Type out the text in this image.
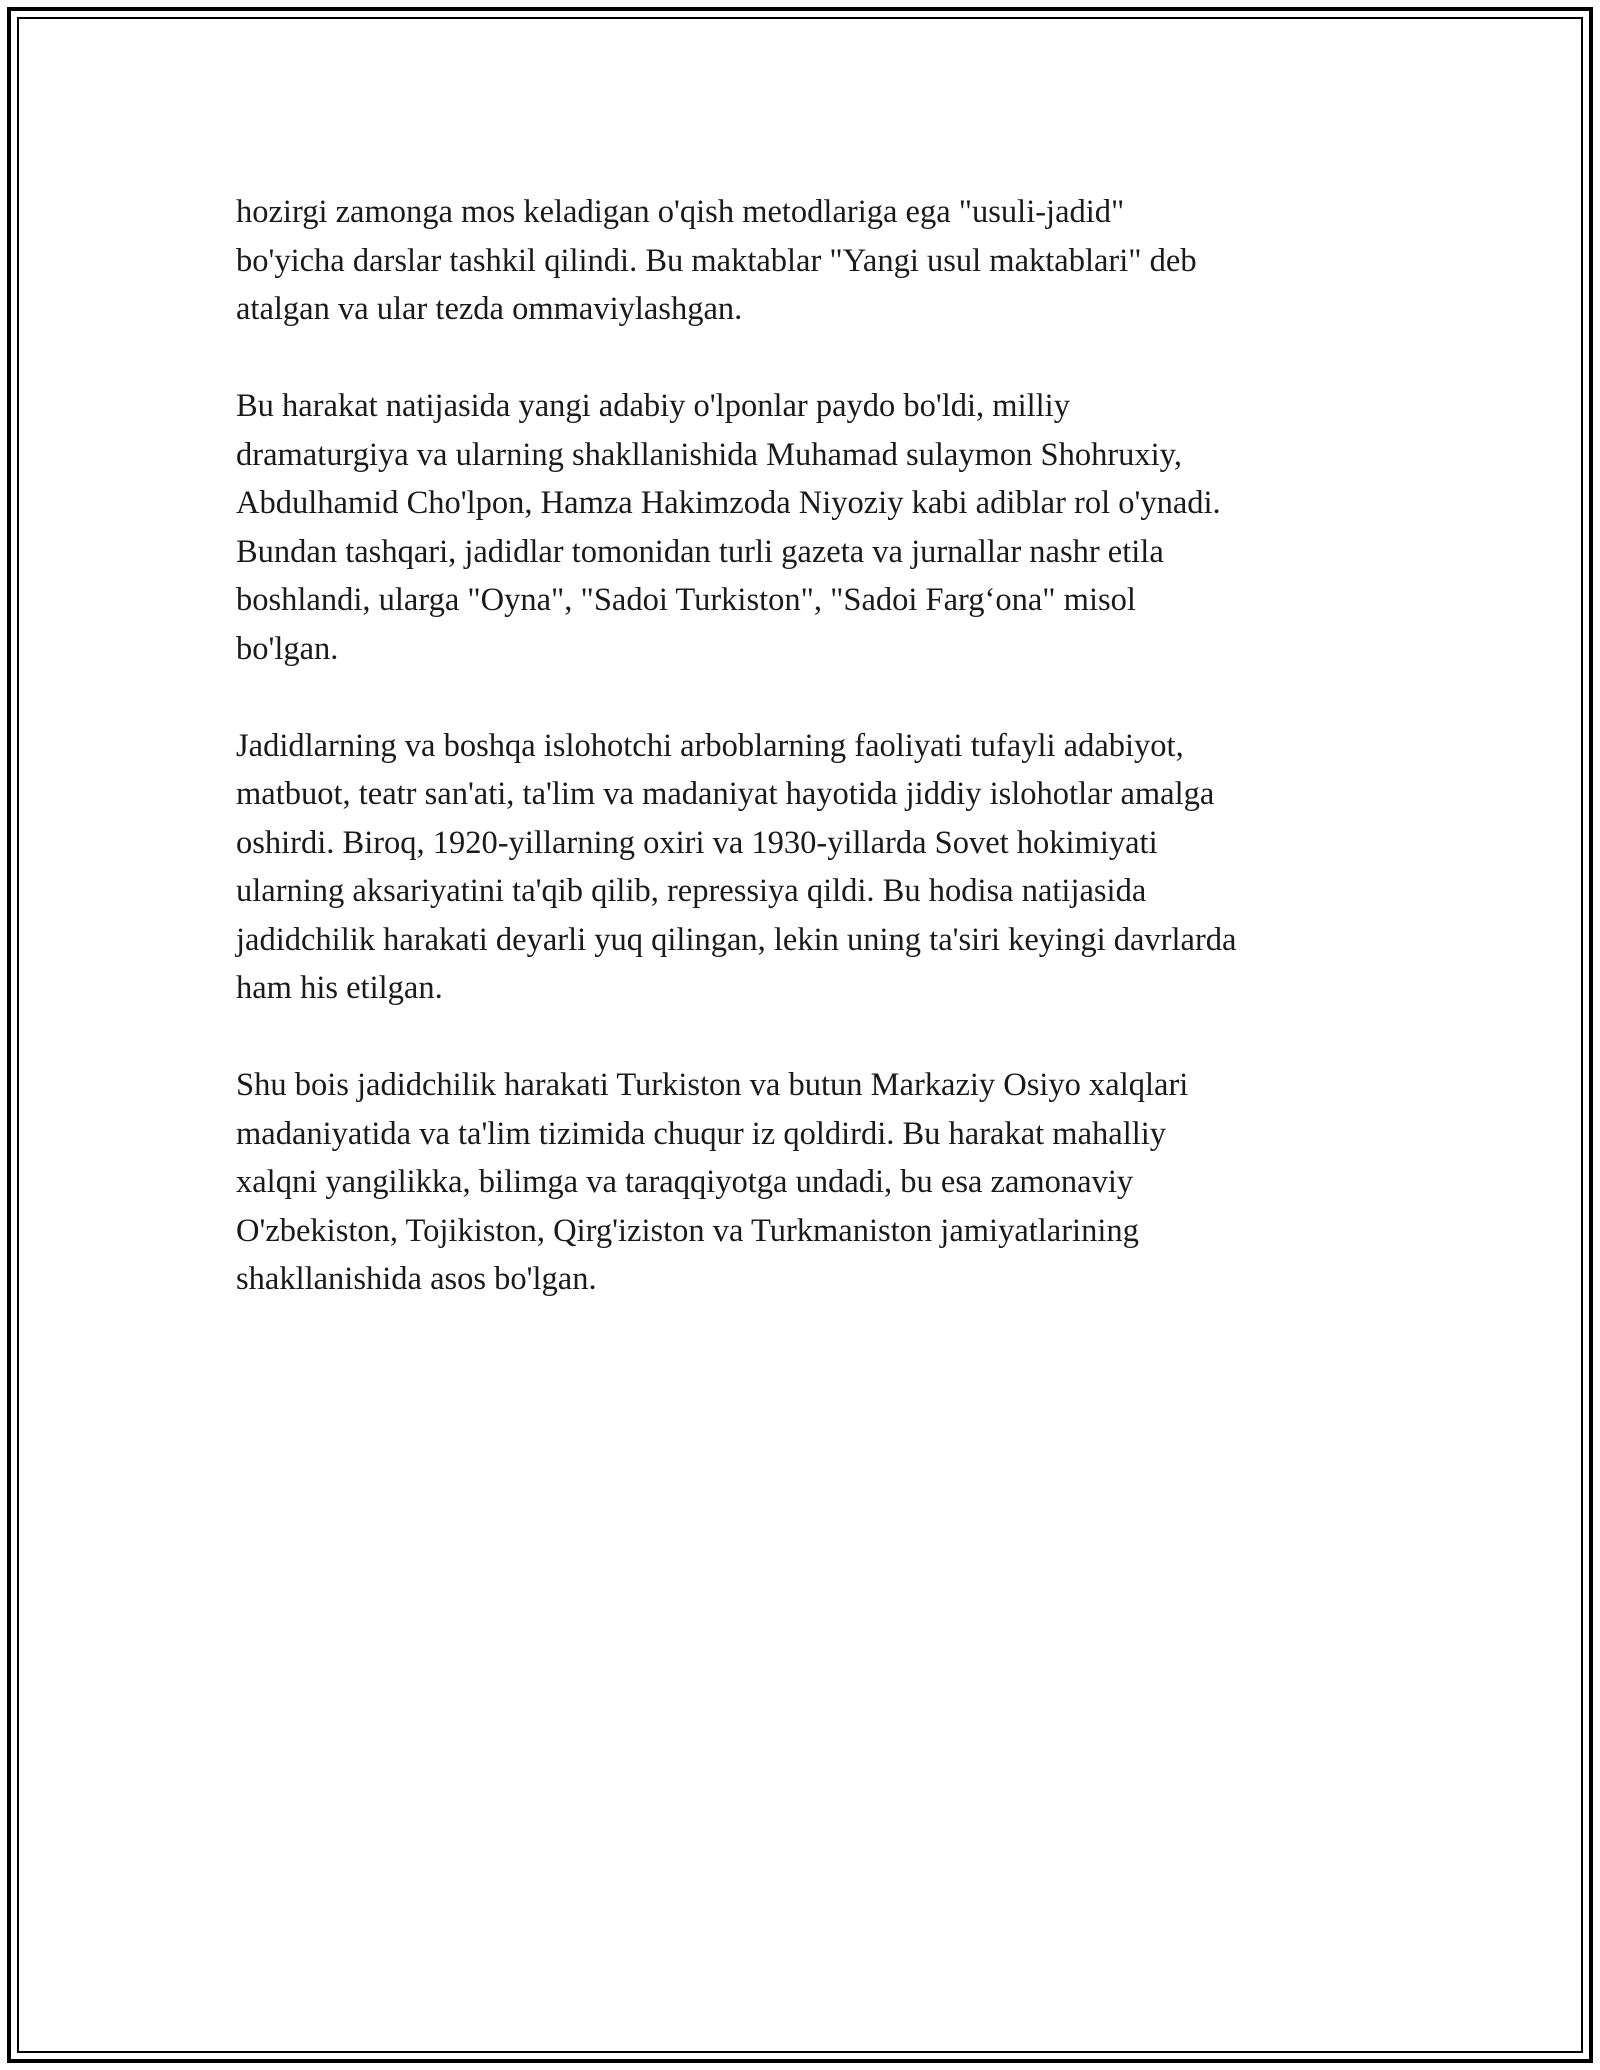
hozirgi zamonga mos keladigan o'qish metodlariga ega "usuli-jadid"
bo'yicha darslar tashkil qilindi. Bu maktablar "Yangi usul maktablari" deb
atalgan va ular tezda ommaviylashgan.

Bu harakat natijasida yangi adabiy o'lponlar paydo bo'ldi, milliy
dramaturgiya va ularning shakllanishida Muhamad sulaymon Shohruxiy,
Abdulhamid Cho'lpon, Hamza Hakimzoda Niyoziy kabi adiblar rol o'ynadi.
Bundan tashqari, jadidlar tomonidan turli gazeta va jurnallar nashr etila
boshlandi, ularga "Oyna", "Sadoi Turkiston", "Sadoi Farg‘ona" misol
bo'lgan.

Jadidlarning va boshqa islohotchi arboblarning faoliyati tufayli adabiyot,
matbuot, teatr san'ati, ta'lim va madaniyat hayotida jiddiy islohotlar amalga
oshirdi. Biroq, 1920-yillarning oxiri va 1930-yillarda Sovet hokimiyati
ularning aksariyatini ta'qib qilib, repressiya qildi. Bu hodisa natijasida
jadidchilik harakati deyarli yuq qilingan, lekin uning ta'siri keyingi davrlarda
ham his etilgan.

Shu bois jadidchilik harakati Turkiston va butun Markaziy Osiyo xalqlari
madaniyatida va ta'lim tizimida chuqur iz qoldirdi. Bu harakat mahalliy
xalqni yangilikka, bilimga va taraqqiyotga undadi, bu esa zamonaviy
O'zbekiston, Tojikiston, Qirg'iziston va Turkmaniston jamiyatlarining
shakllanishida asos bo'lgan.
